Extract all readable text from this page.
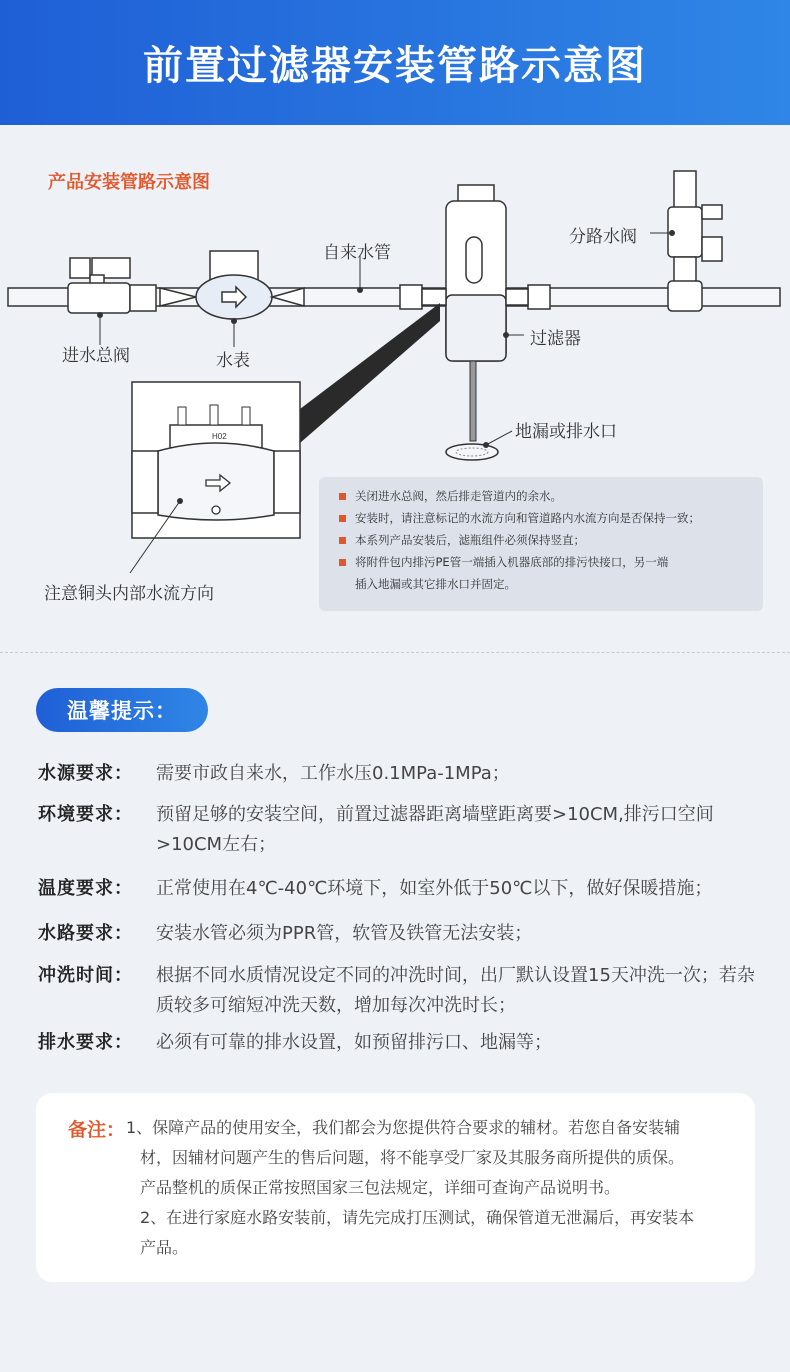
前置过滤器安装管路示意图
产品安装管路示意图
H02
进水总阀	水表
自来水管
过滤器
分路水阀
地漏或排水口
注意铜头内部水流方向
关闭进水总阀，然后排走管道内的余水。
安装时，请注意标记的水流方向和管道路内水流方向是否保持一致；
本系列产品安装后，滤瓶组件必须保持竖直；
将附件包内排污PE管一端插入机器底部的排污快接口，另一端
插入地漏或其它排水口并固定。
温馨提示：
水源要求：	需要市政自来水，工作水压0.1MPa-1MPa；
环境要求：	预留足够的安装空间，前置过滤器距离墙壁距离要>10CM,排污口空间>10CM左右；
温度要求：	正常使用在4℃-40℃环境下，如室外低于50℃以下，做好保暖措施；
水路要求：	安装水管必须为PPR管，软管及铁管无法安装；
冲洗时间：	根据不同水质情况设定不同的冲洗时间，出厂默认设置15天冲洗一次；若杂质较多可缩短冲洗天数，增加每次冲洗时长；
排水要求：	必须有可靠的排水设置，如预留排污口、地漏等；
备注： 1、保障产品的使用安全，我们都会为您提供符合要求的辅材。若您自备安装辅

材，因辅材问题产生的售后问题，将不能享受厂家及其服务商所提供的质保。

产品整机的质保正常按照国家三包法规定，详细可查询产品说明书。

2、在进行家庭水路安装前，请先完成打压测试，确保管道无泄漏后，再安装本

产品。
